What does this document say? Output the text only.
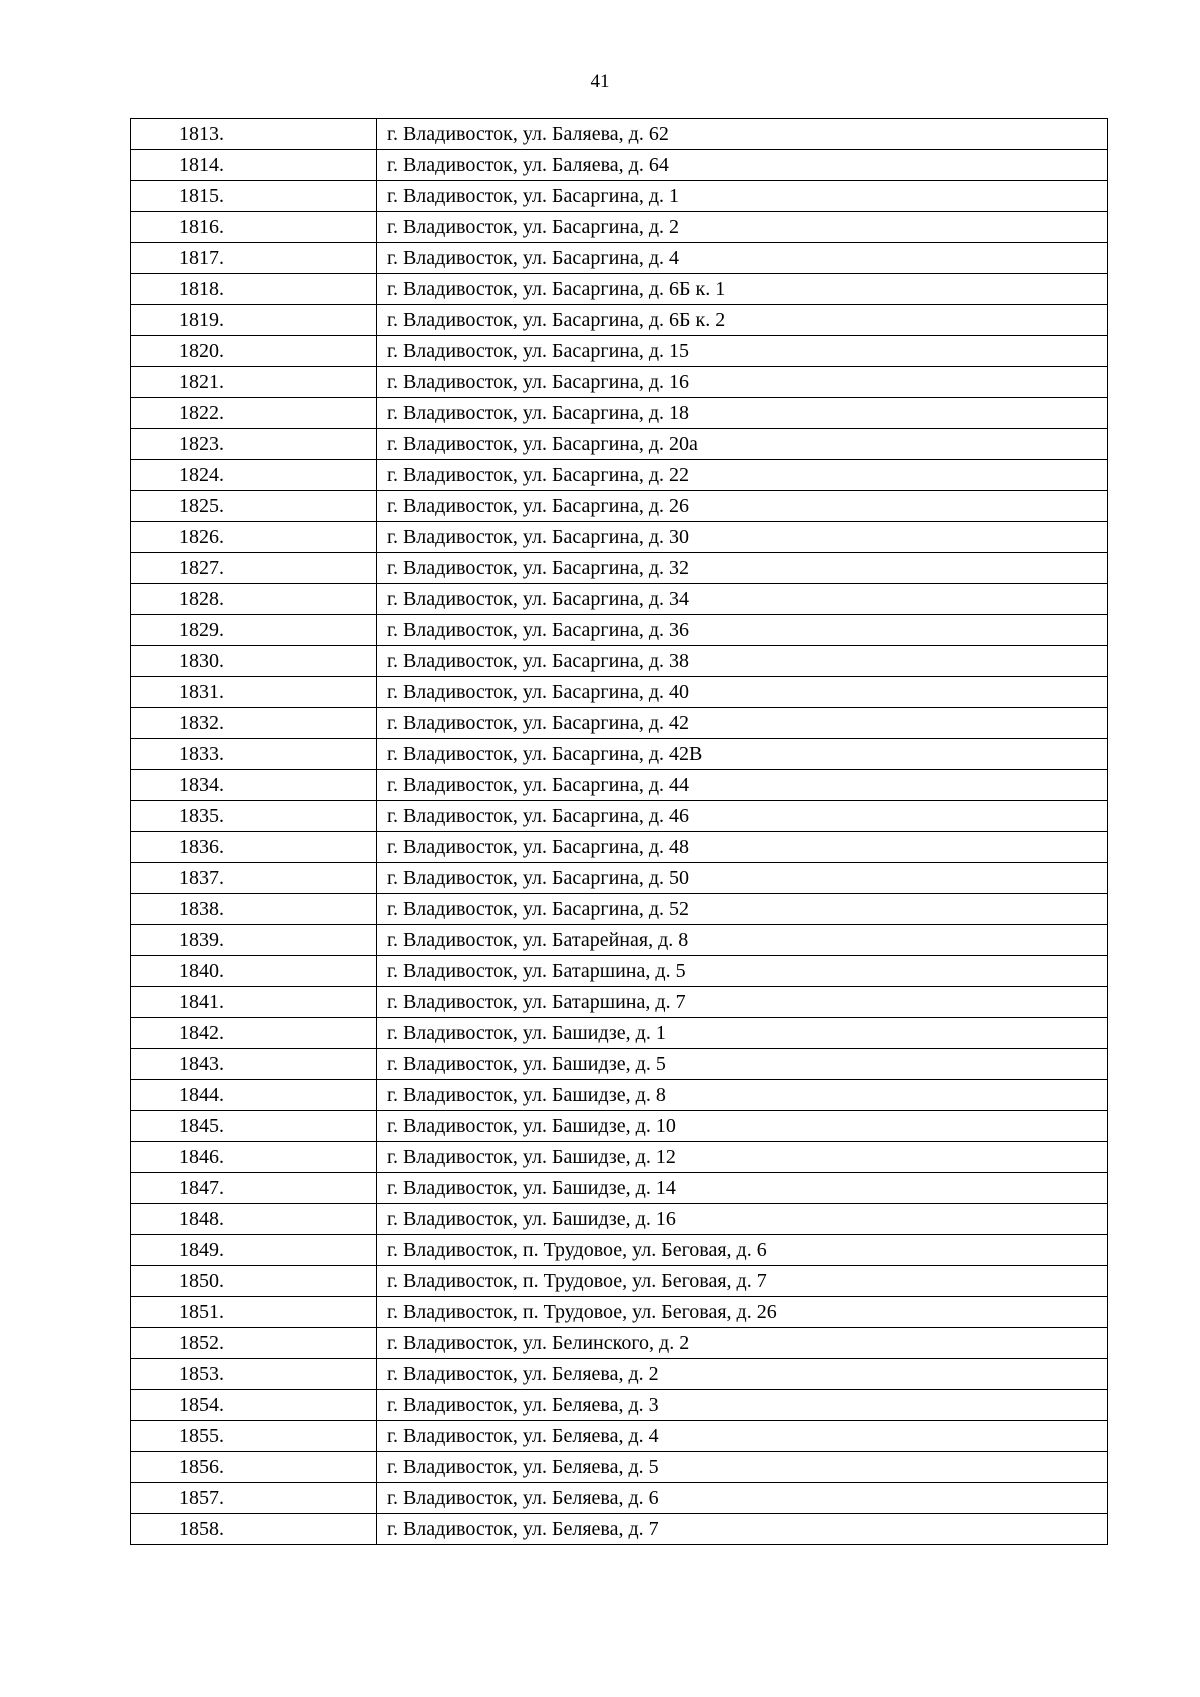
41
1813.	г. Владивосток, ул. Баляева, д. 62
1814.	г. Владивосток, ул. Баляева, д. 64
1815.	г. Владивосток, ул. Басаргина, д. 1
1816.	г. Владивосток, ул. Басаргина, д. 2
1817.	г. Владивосток, ул. Басаргина, д. 4
1818.	г. Владивосток, ул. Басаргина, д. 6Б к. 1
1819.	г. Владивосток, ул. Басаргина, д. 6Б к. 2
1820.	г. Владивосток, ул. Басаргина, д. 15
1821.	г. Владивосток, ул. Басаргина, д. 16
1822.	г. Владивосток, ул. Басаргина, д. 18
1823.	г. Владивосток, ул. Басаргина, д. 20а
1824.	г. Владивосток, ул. Басаргина, д. 22
1825.	г. Владивосток, ул. Басаргина, д. 26
1826.	г. Владивосток, ул. Басаргина, д. 30
1827.	г. Владивосток, ул. Басаргина, д. 32
1828.	г. Владивосток, ул. Басаргина, д. 34
1829.	г. Владивосток, ул. Басаргина, д. 36
1830.	г. Владивосток, ул. Басаргина, д. 38
1831.	г. Владивосток, ул. Басаргина, д. 40
1832.	г. Владивосток, ул. Басаргина, д. 42
1833.	г. Владивосток, ул. Басаргина, д. 42В
1834.	г. Владивосток, ул. Басаргина, д. 44
1835.	г. Владивосток, ул. Басаргина, д. 46
1836.	г. Владивосток, ул. Басаргина, д. 48
1837.	г. Владивосток, ул. Басаргина, д. 50
1838.	г. Владивосток, ул. Басаргина, д. 52
1839.	г. Владивосток, ул. Батарейная, д. 8
1840.	г. Владивосток, ул. Батаршина, д. 5
1841.	г. Владивосток, ул. Батаршина, д. 7
1842.	г. Владивосток, ул. Башидзе, д. 1
1843.	г. Владивосток, ул. Башидзе, д. 5
1844.	г. Владивосток, ул. Башидзе, д. 8
1845.	г. Владивосток, ул. Башидзе, д. 10
1846.	г. Владивосток, ул. Башидзе, д. 12
1847.	г. Владивосток, ул. Башидзе, д. 14
1848.	г. Владивосток, ул. Башидзе, д. 16
1849.	г. Владивосток, п. Трудовое, ул. Беговая, д. 6
1850.	г. Владивосток, п. Трудовое, ул. Беговая, д. 7
1851.	г. Владивосток, п. Трудовое, ул. Беговая, д. 26
1852.	г. Владивосток, ул. Белинского, д. 2
1853.	г. Владивосток, ул. Беляева, д. 2
1854.	г. Владивосток, ул. Беляева, д. 3
1855.	г. Владивосток, ул. Беляева, д. 4
1856.	г. Владивосток, ул. Беляева, д. 5
1857.	г. Владивосток, ул. Беляева, д. 6
1858.	г. Владивосток, ул. Беляева, д. 7
